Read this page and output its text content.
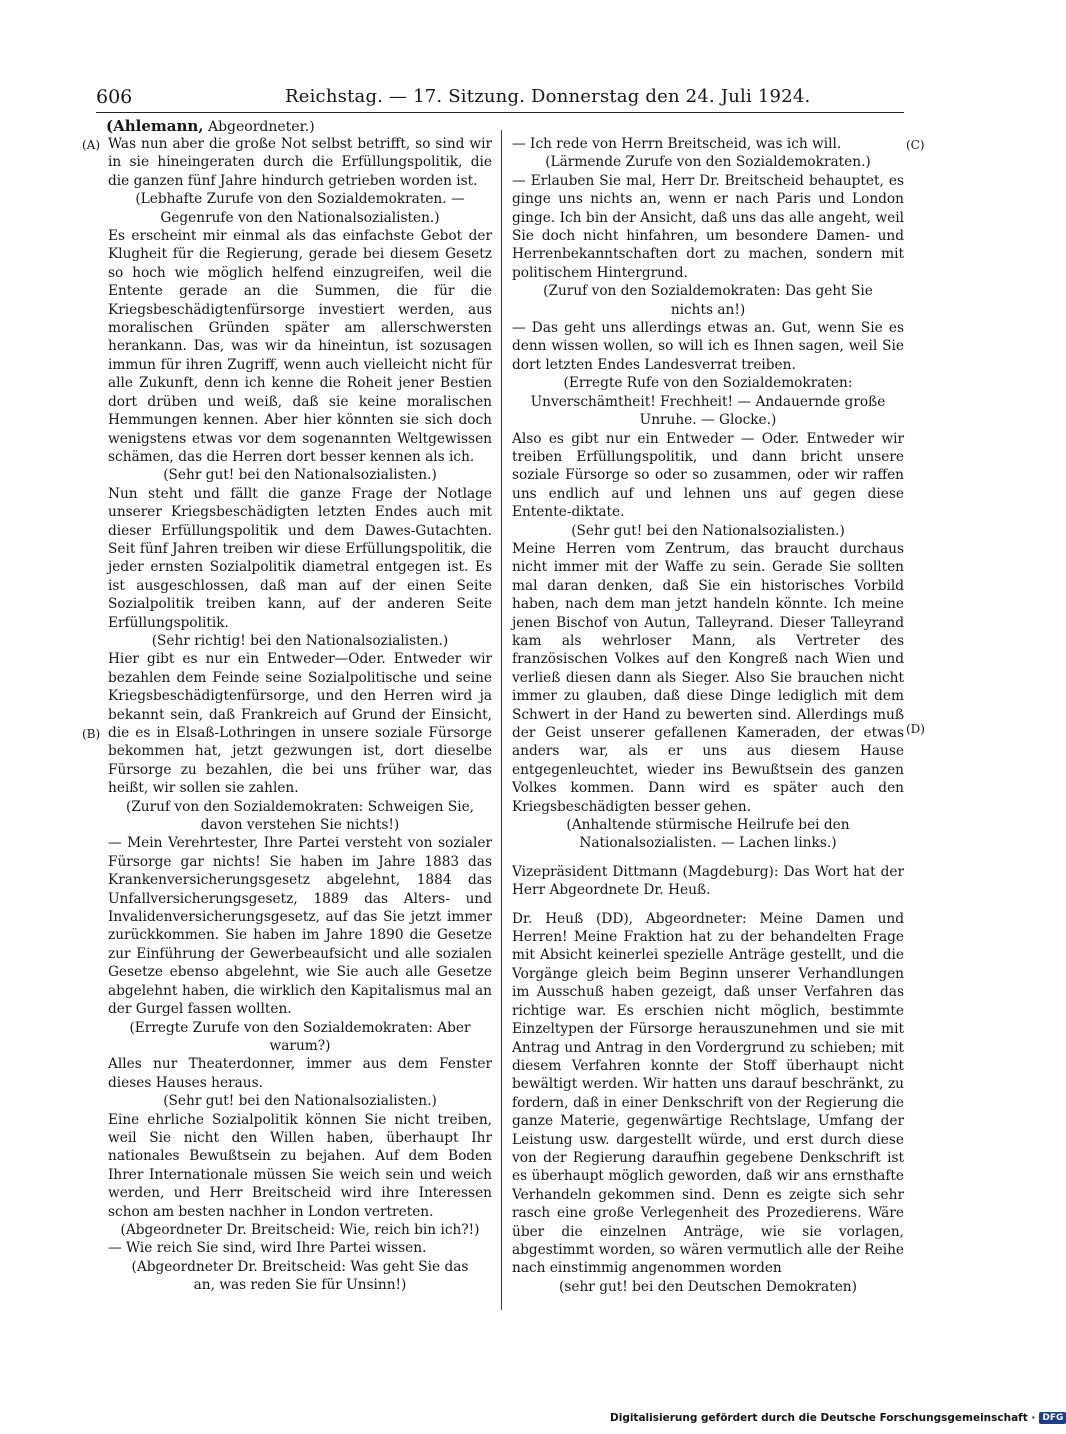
606	Reichstag. — 17. Sitzung. Donnerstag den 24. Juli 1924.
(Ahlemann, Abgeordneter.)
(A)
(B)
(C)
(D)

Was nun aber die große Not selbst betrifft, so sind wir in sie hineingeraten durch die Erfüllungspolitik, die die ganzen fünf Jahre hindurch getrieben worden ist.

(Lebhafte Zurufe von den Sozialdemokraten. — Gegenrufe von den Nationalsozialisten.)

Es erscheint mir einmal als das einfachste Gebot der Klugheit für die Regierung, gerade bei diesem Gesetz so hoch wie möglich helfend einzugreifen, weil die Entente gerade an die Summen, die für die Kriegsbeschädigtenfürsorge investiert werden, aus moralischen Gründen später am allerschwersten herankann. Das, was wir da hineintun, ist sozusagen immun für ihren Zugriff, wenn auch vielleicht nicht für alle Zukunft, denn ich kenne die Roheit jener Bestien dort drüben und weiß, daß sie keine moralischen Hemmungen kennen. Aber hier könnten sie sich doch wenigstens etwas vor dem sogenannten Weltgewissen schämen, das die Herren dort besser kennen als ich.

(Sehr gut! bei den Nationalsozialisten.)

Nun steht und fällt die ganze Frage der Notlage unserer Kriegsbeschädigten letzten Endes auch mit dieser Erfüllungspolitik und dem Dawes-Gutachten. Seit fünf Jahren treiben wir diese Erfüllungspolitik, die jeder ernsten Sozialpolitik diametral entgegen ist. Es ist ausgeschlossen, daß man auf der einen Seite Sozialpolitik treiben kann, auf der anderen Seite Erfüllungspolitik.

(Sehr richtig! bei den Nationalsozialisten.)

Hier gibt es nur ein Entweder—Oder. Entweder wir bezahlen dem Feinde seine Sozialpolitische und seine Kriegsbeschädigtenfürsorge, und den Herren wird ja bekannt sein, daß Frankreich auf Grund der Einsicht, die es in Elsaß-Lothringen in unsere soziale Fürsorge bekommen hat, jetzt gezwungen ist, dort dieselbe Fürsorge zu bezahlen, die bei uns früher war, das heißt, wir sollen sie zahlen.

(Zuruf von den Sozialdemokraten: Schweigen Sie, davon verstehen Sie nichts!)

— Mein Verehrtester, Ihre Partei versteht von sozialer Fürsorge gar nichts! Sie haben im Jahre 1883 das Krankenversicherungsgesetz abgelehnt, 1884 das Unfallversicherungsgesetz, 1889 das Alters- und Invalidenversicherungsgesetz, auf das Sie jetzt immer zurückkommen. Sie haben im Jahre 1890 die Gesetze zur Einführung der Gewerbeaufsicht und alle sozialen Gesetze ebenso abgelehnt, wie Sie auch alle Gesetze abgelehnt haben, die wirklich den Kapitalismus mal an der Gurgel fassen wollten.

(Erregte Zurufe von den Sozialdemokraten: Aber warum?)

Alles nur Theaterdonner, immer aus dem Fenster dieses Hauses heraus.

(Sehr gut! bei den Nationalsozialisten.)

Eine ehrliche Sozialpolitik können Sie nicht treiben, weil Sie nicht den Willen haben, überhaupt Ihr nationales Bewußtsein zu bejahen. Auf dem Boden Ihrer Internationale müssen Sie weich sein und weich werden, und Herr Breitscheid wird ihre Interessen schon am besten nachher in London vertreten.

(Abgeordneter Dr. Breitscheid: Wie, reich bin ich?!)

— Wie reich Sie sind, wird Ihre Partei wissen.

(Abgeordneter Dr. Breitscheid: Was geht Sie das an, was reden Sie für Unsinn!)

— Ich rede von Herrn Breitscheid, was ich will.

(Lärmende Zurufe von den Sozialdemokraten.)

— Erlauben Sie mal, Herr Dr. Breitscheid behauptet, es ginge uns nichts an, wenn er nach Paris und London ginge. Ich bin der Ansicht, daß uns das alle angeht, weil Sie doch nicht hinfahren, um besondere Damen- und Herrenbekanntschaften dort zu machen, sondern mit politischem Hintergrund.

(Zuruf von den Sozialdemokraten: Das geht Sie nichts an!)

— Das geht uns allerdings etwas an. Gut, wenn Sie es denn wissen wollen, so will ich es Ihnen sagen, weil Sie dort letzten Endes Landesverrat treiben.

(Erregte Rufe von den Sozialdemokraten: Unverschämtheit! Frechheit! — Andauernde große Unruhe. — Glocke.)

Also es gibt nur ein Entweder — Oder. Entweder wir treiben Erfüllungspolitik, und dann bricht unsere soziale Fürsorge so oder so zusammen, oder wir raffen uns endlich auf und lehnen uns auf gegen diese Entente-diktate.

(Sehr gut! bei den Nationalsozialisten.)

Meine Herren vom Zentrum, das braucht durchaus nicht immer mit der Waffe zu sein. Gerade Sie sollten mal daran denken, daß Sie ein historisches Vorbild haben, nach dem man jetzt handeln könnte. Ich meine jenen Bischof von Autun, Talleyrand. Dieser Talleyrand kam als wehrloser Mann, als Vertreter des französischen Volkes auf den Kongreß nach Wien und verließ diesen dann als Sieger. Also Sie brauchen nicht immer zu glauben, daß diese Dinge lediglich mit dem Schwert in der Hand zu bewerten sind. Allerdings muß der Geist unserer gefallenen Kameraden, der etwas anders war, als er uns aus diesem Hause entgegenleuchtet, wieder ins Bewußtsein des ganzen Volkes kommen. Dann wird es später auch den Kriegsbeschädigten besser gehen.

(Anhaltende stürmische Heilrufe bei den Nationalsozialisten. — Lachen links.)

Vizepräsident Dittmann (Magdeburg): Das Wort hat der Herr Abgeordnete Dr. Heuß.

Dr. Heuß (DD), Abgeordneter: Meine Damen und Herren! Meine Fraktion hat zu der behandelten Frage mit Absicht keinerlei spezielle Anträge gestellt, und die Vorgänge gleich beim Beginn unserer Verhandlungen im Ausschuß haben gezeigt, daß unser Verfahren das richtige war. Es erschien nicht möglich, bestimmte Einzeltypen der Fürsorge herauszunehmen und sie mit Antrag und Antrag in den Vordergrund zu schieben; mit diesem Verfahren konnte der Stoff überhaupt nicht bewältigt werden. Wir hatten uns darauf beschränkt, zu fordern, daß in einer Denkschrift von der Regierung die ganze Materie, gegenwärtige Rechtslage, Umfang der Leistung usw. dargestellt würde, und erst durch diese von der Regierung daraufhin gegebene Denkschrift ist es überhaupt möglich geworden, daß wir ans ernsthafte Verhandeln gekommen sind. Denn es zeigte sich sehr rasch eine große Verlegenheit des Prozedierens. Wäre über die einzelnen Anträge, wie sie vorlagen, abgestimmt worden, so wären vermutlich alle der Reihe nach einstimmig angenommen worden

(sehr gut! bei den Deutschen Demokraten)

Digitalisierung gefördert durch die Deutsche Forschungsgemeinschaft · DFG
